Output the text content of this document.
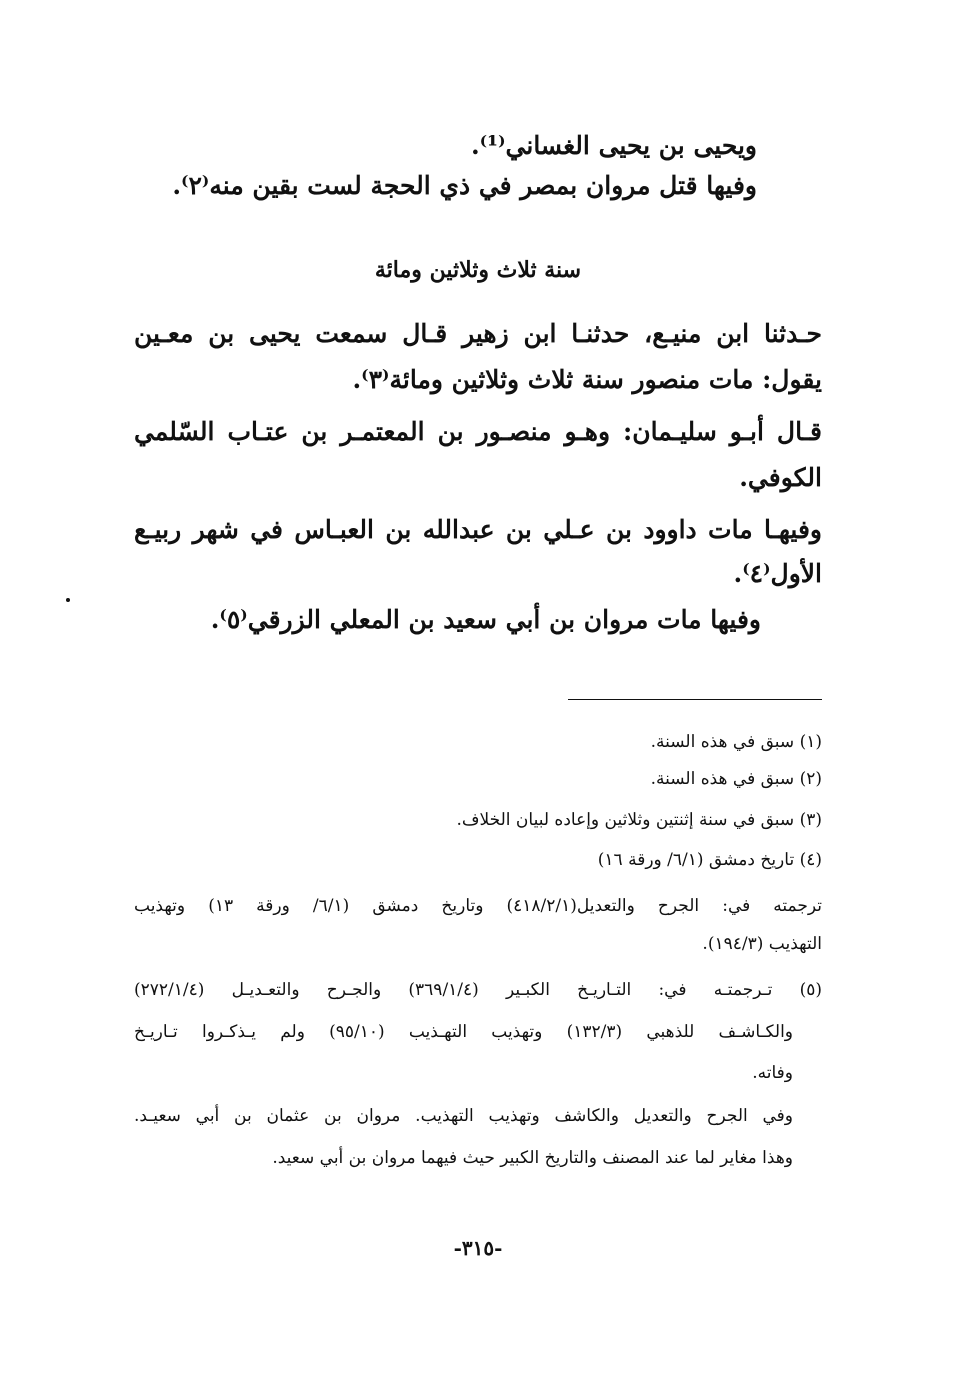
ويحيى بن يحيى الغساني⁽¹⁾.
وفيها قتل مروان بمصر في ذي الحجة لست بقين منه⁽٢⁾.
سنة ثلاث وثلاثين ومائة
حـدثنا ابن منيـع، حدثنـا ابن زهير قـال سمعت يحيى بن معـين
يقول: مات منصور سنة ثلاث وثلاثين ومائة⁽٣⁾.
قـال أبـو سليـمان: وهـو منصـور بن المعتمـر بن عتـاب السّلمي
الكوفي.
وفيهـا مات داوود بن عـلي بن عبدالله بن العبـاس في شهر ربيـع
الأول⁽٤⁾.
وفيها مات مروان بن أبي سعيد بن المعلي الزرقي⁽٥⁾.
(١) سبق في هذه السنة.
(٢) سبق في هذه السنة.
(٣) سبق في سنة إثنتين وثلاثين وإعاده لبيان الخلاف.
(٤) تاريخ دمشق (٦/١/ ورقة ١٦)
ترجمته في: الجرح والتعديل(٤١٨/٢/١) وتاريخ دمشق (٦/١/ ورقة ١٣) وتهذيب
التهذيب (١٩٤/٣).
(٥) تـرجمتـه في: التـاريـخ الكبـير (٣٦٩/١/٤) والجـرح والتعـديـل (٢٧٢/١/٤)
والكـاشـف للذهبي (١٣٢/٣) وتهذيب التهـذيب (٩٥/١٠) ولم يـذكـروا تـاريـخ
وفاته.
وفي الجرح والتعديل والكاشف وتهذيب التهذيب. مروان بن عثمان بن أبي سعيـد.
وهذا مغاير لما عند المصنف والتاريخ الكبير حيث فيهما مروان بن أبي سعيد.
-٣١٥-
